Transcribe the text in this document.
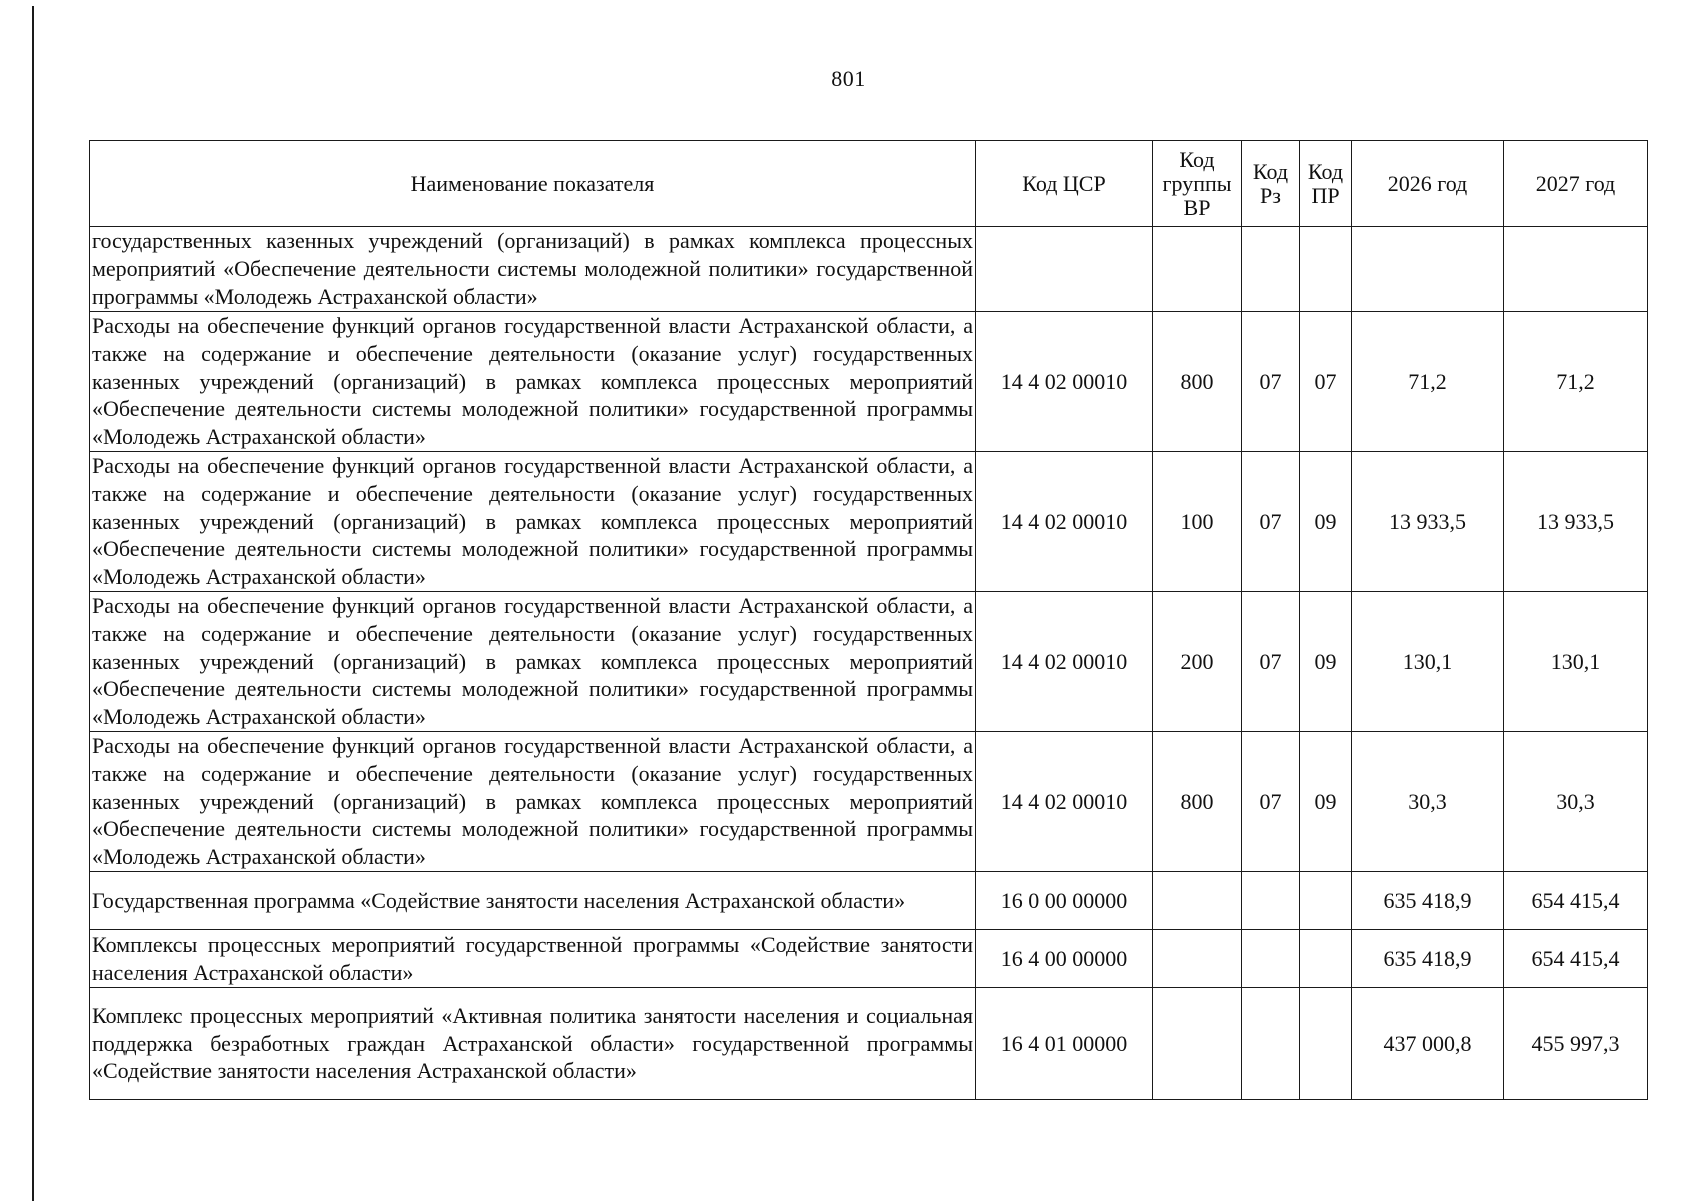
801
Наименование показателя	Код ЦСР	Код группы ВР	Код Рз	Код ПР	2026 год	2027 год
государственных казенных учреждений (организаций) в рамках комплекса процессных мероприятий «Обеспечение деятельности системы молодежной политики» государственной программы «Молодежь Астраханской области»						
Расходы на обеспечение функций органов государственной власти Астраханской области, а также на содержание и обеспечение деятельности (оказание услуг) государственных казенных учреждений (организаций) в рамках комплекса процессных мероприятий «Обеспечение деятельности системы молодежной политики» государственной программы «Молодежь Астраханской области»	14 4 02 00010	800	07	07	71,2	71,2
Расходы на обеспечение функций органов государственной власти Астраханской области, а также на содержание и обеспечение деятельности (оказание услуг) государственных казенных учреждений (организаций) в рамках комплекса процессных мероприятий «Обеспечение деятельности системы молодежной политики» государственной программы «Молодежь Астраханской области»	14 4 02 00010	100	07	09	13 933,5	13 933,5
Расходы на обеспечение функций органов государственной власти Астраханской области, а также на содержание и обеспечение деятельности (оказание услуг) государственных казенных учреждений (организаций) в рамках комплекса процессных мероприятий «Обеспечение деятельности системы молодежной политики» государственной программы «Молодежь Астраханской области»	14 4 02 00010	200	07	09	130,1	130,1
Расходы на обеспечение функций органов государственной власти Астраханской области, а также на содержание и обеспечение деятельности (оказание услуг) государственных казенных учреждений (организаций) в рамках комплекса процессных мероприятий «Обеспечение деятельности системы молодежной политики» государственной программы «Молодежь Астраханской области»	14 4 02 00010	800	07	09	30,3	30,3
Государственная программа «Содействие занятости населения Астраханской области»	16 0 00 00000				635 418,9	654 415,4
Комплексы процессных мероприятий государственной программы «Содействие занятости населения Астраханской области»	16 4 00 00000				635 418,9	654 415,4
Комплекс процессных мероприятий «Активная политика занятости населения и социальная поддержка безработных граждан Астраханской области» государственной программы «Содействие занятости населения Астраханской области»	16 4 01 00000				437 000,8	455 997,3
